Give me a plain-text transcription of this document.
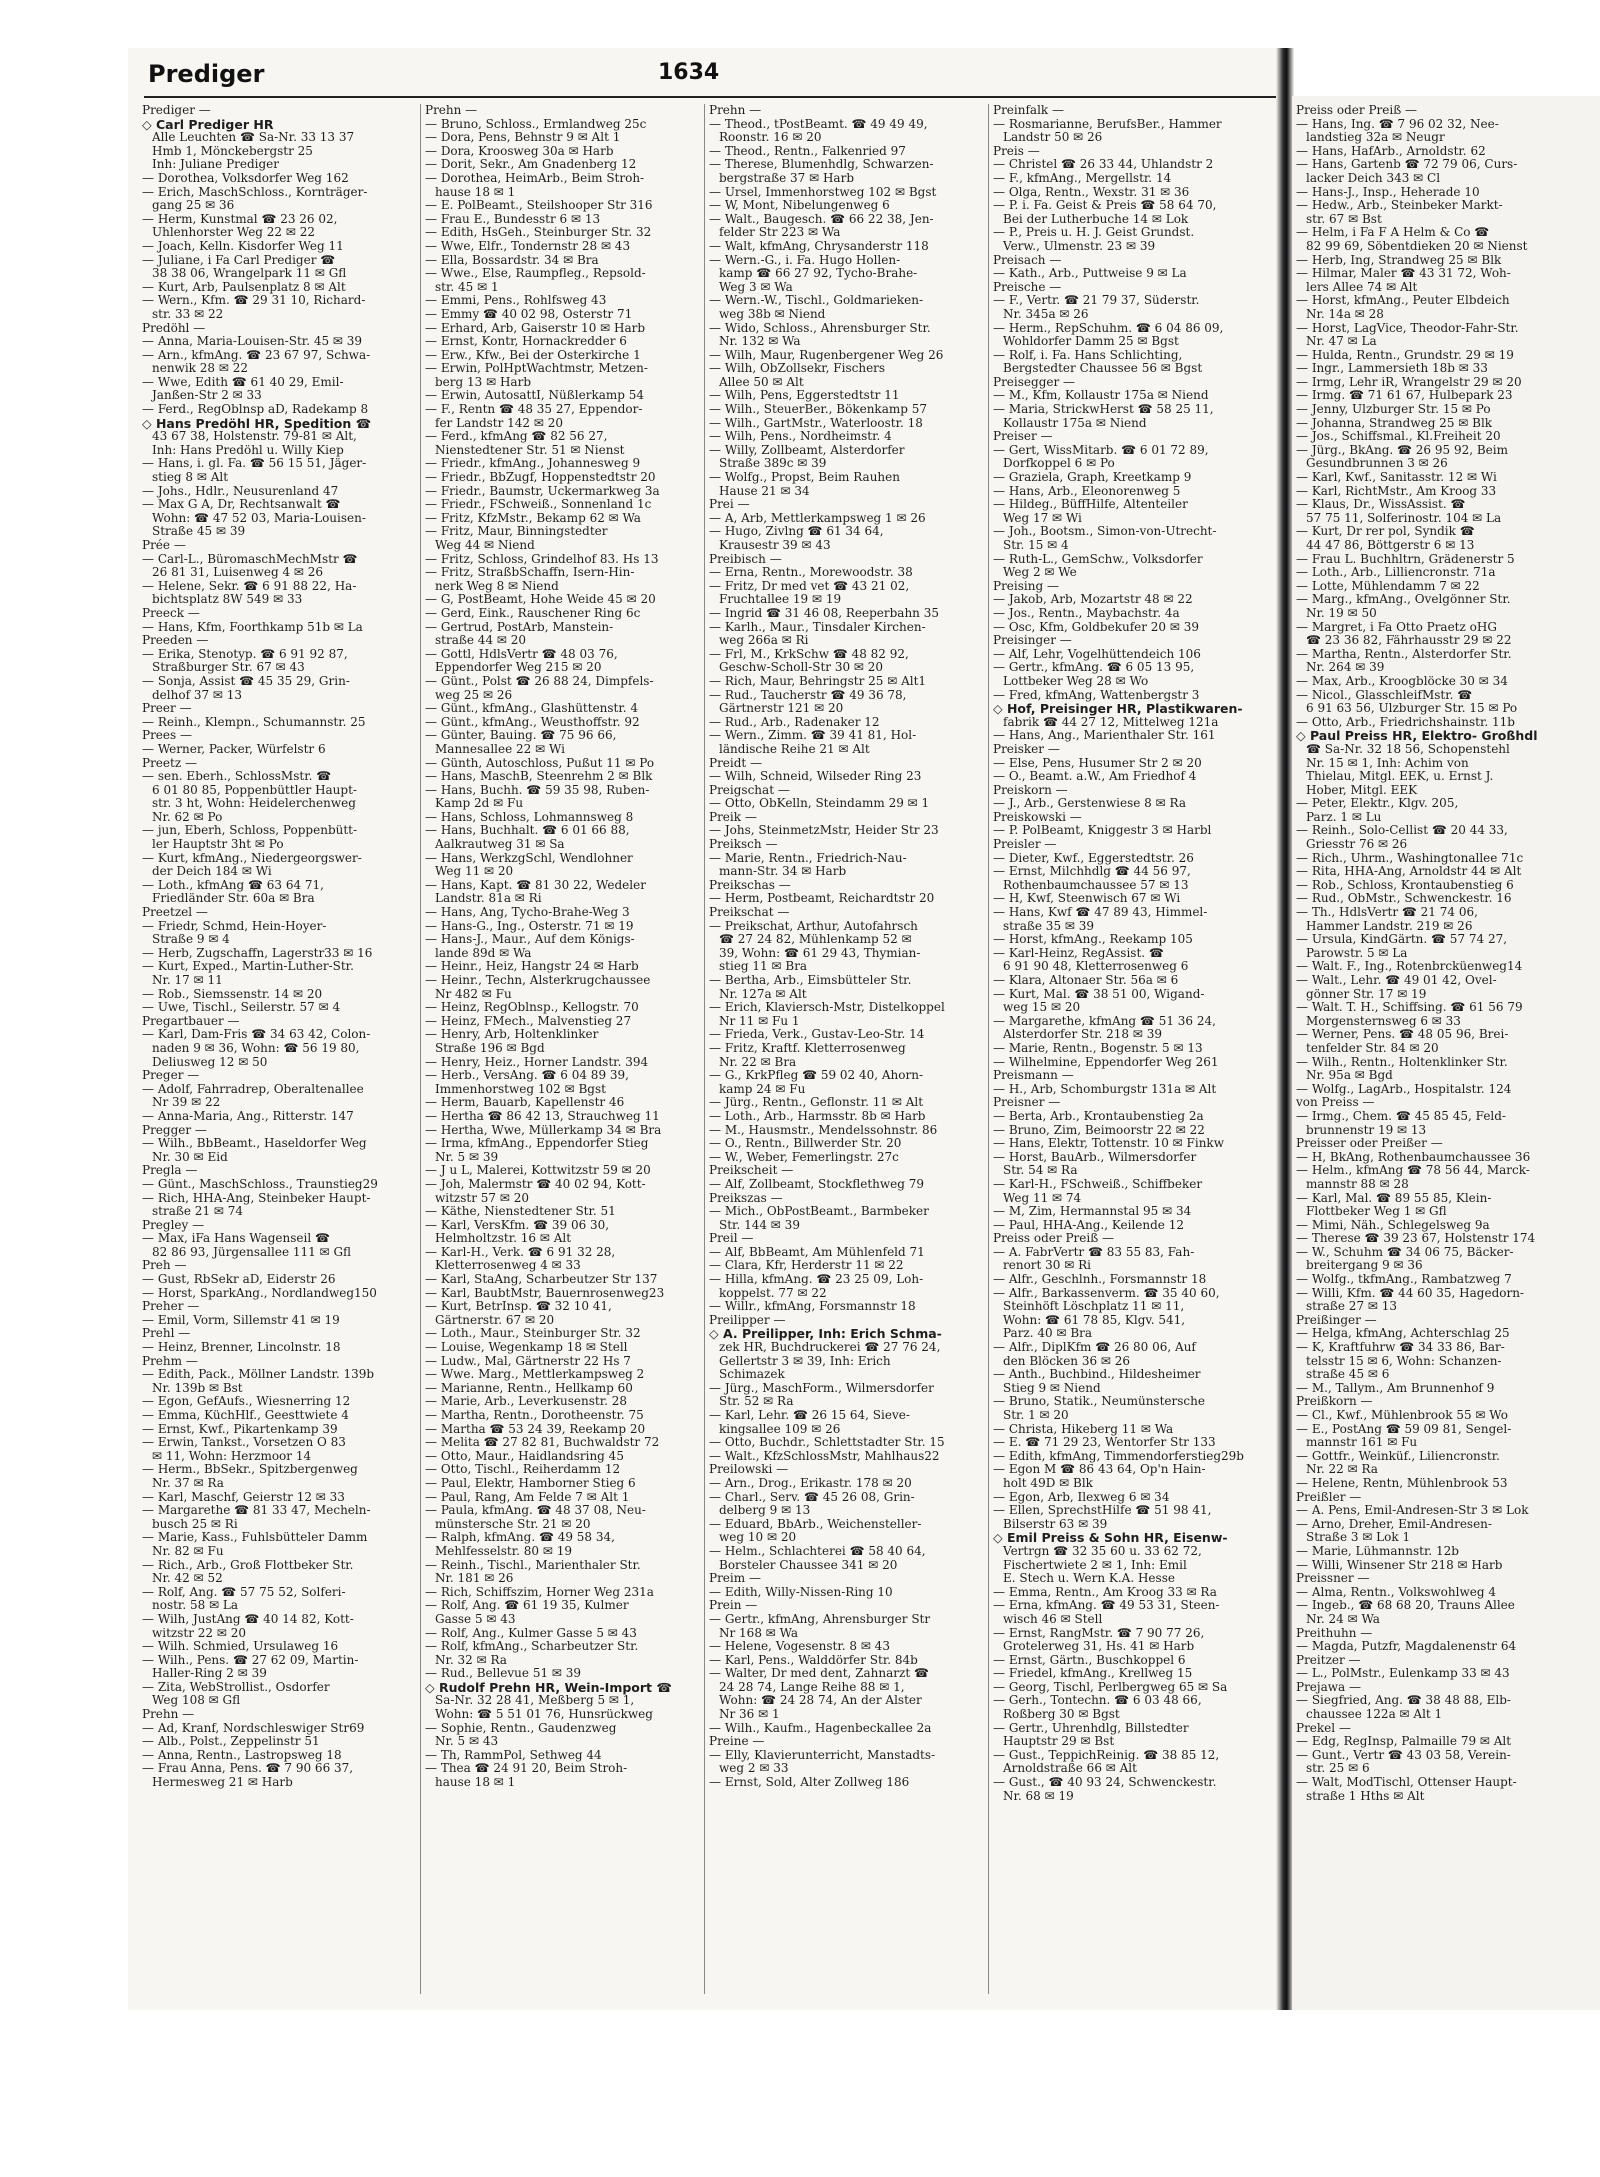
Prediger	1634
Prediger —
◇ Carl Prediger HR
Alle Leuchten ☎ Sa-Nr. 33 13 37
Hmb 1, Mönckebergstr 25
Inh: Juliane Prediger
— Dorothea, Volksdorfer Weg 162
— Erich, MaschSchloss., Kornträger-
gang 25 ✉ 36
— Herm, Kunstmal ☎ 23 26 02,
Uhlenhorster Weg 22 ✉ 22
— Joach, Kelln. Kisdorfer Weg 11
— Juliane, i Fa Carl Prediger ☎
38 38 06, Wrangelpark 11 ✉ Gfl
— Kurt, Arb, Paulsenplatz 8 ✉ Alt
— Wern., Kfm. ☎ 29 31 10, Richard-
str. 33 ✉ 22
Predöhl —
— Anna, Maria-Louisen-Str. 45 ✉ 39
— Arn., kfmAng. ☎ 23 67 97, Schwa-
nenwik 28 ✉ 22
— Wwe, Edith ☎ 61 40 29, Emil-
Janßen-Str 2 ✉ 33
— Ferd., RegOblnsp aD, Radekamp 8
◇ Hans Predöhl HR, Spedition ☎
43 67 38, Holstenstr. 79-81 ✉ Alt,
Inh: Hans Predöhl u. Willy Kiep
— Hans, i. gl. Fa. ☎ 56 15 51, Jäger-
stieg 8 ✉ Alt
— Johs., Hdlr., Neusurenland 47
— Max G A, Dr, Rechtsanwalt ☎
Wohn: ☎ 47 52 03, Maria-Louisen-
Straße 45 ✉ 39
Prée —
— Carl-L., BüromaschMechMstr ☎
26 81 31, Luisenweg 4 ✉ 26
— Helene, Sekr. ☎ 6 91 88 22, Ha-
bichtsplatz 8W 549 ✉ 33
Preeck —
— Hans, Kfm, Foorthkamp 51b ✉ La
Preeden —
— Erika, Stenotyp. ☎ 6 91 92 87,
Straßburger Str. 67 ✉ 43
— Sonja, Assist ☎ 45 35 29, Grin-
delhof 37 ✉ 13
Preer —
— Reinh., Klempn., Schumannstr. 25
Prees —
— Werner, Packer, Würfelstr 6
Preetz —
— sen. Eberh., SchlossMstr. ☎
6 01 80 85, Poppenbüttler Haupt-
str. 3 ht, Wohn: Heidelerchenweg
Nr. 62 ✉ Po
— jun, Eberh, Schloss, Poppenbütt-
ler Hauptstr 3ht ✉ Po
— Kurt, kfmAng., Niedergeorgswer-
der Deich 184 ✉ Wi
— Loth., kfmAng ☎ 63 64 71,
Friedländer Str. 60a ✉ Bra
Preetzel —
— Friedr, Schmd, Hein-Hoyer-
Straße 9 ✉ 4
— Herb, Zugschaffn, Lagerstr33 ✉ 16
— Kurt, Exped., Martin-Luther-Str.
Nr. 17 ✉ 11
— Rob., Siemssenstr. 14 ✉ 20
— Uwe, Tischl., Seilerstr. 57 ✉ 4
Pregartbauer —
— Karl, Dam-Fris ☎ 34 63 42, Colon-
naden 9 ✉ 36, Wohn: ☎ 56 19 80,
Deliusweg 12 ✉ 50
Preger —
— Adolf, Fahrradrep, Oberaltenallee
Nr 39 ✉ 22
— Anna-Maria, Ang., Ritterstr. 147
Pregger —
— Wilh., BbBeamt., Haseldorfer Weg
Nr. 30 ✉ Eid
Pregla —
— Günt., MaschSchloss., Traunstieg29
— Rich, HHA-Ang, Steinbeker Haupt-
straße 21 ✉ 74
Pregley —
— Max, iFa Hans Wagenseil ☎
82 86 93, Jürgensallee 111 ✉ Gfl
Preh —
— Gust, RbSekr aD, Eiderstr 26
— Horst, SparkAng., Nordlandweg150
Preher —
— Emil, Vorm, Sillemstr 41 ✉ 19
Prehl —
— Heinz, Brenner, Lincolnstr. 18
Prehm —
— Edith, Pack., Möllner Landstr. 139b
Nr. 139b ✉ Bst
— Egon, GefAufs., Wiesnerring 12
— Emma, KüchHlf., Geesttwiete 4
— Ernst, Kwf., Pikartenkamp 39
— Erwin, Tankst., Vorsetzen O 83
✉ 11, Wohn: Herzmoor 14
— Herm., BbSekr., Spitzbergenweg
Nr. 37 ✉ Ra
— Karl, Maschf, Geierstr 12 ✉ 33
— Margarethe ☎ 81 33 47, Mecheln-
busch 25 ✉ Ri
— Marie, Kass., Fuhlsbütteler Damm
Nr. 82 ✉ Fu
— Rich., Arb., Groß Flottbeker Str.
Nr. 42 ✉ 52
— Rolf, Ang. ☎ 57 75 52, Solferi-
nostr. 58 ✉ La
— Wilh, JustAng ☎ 40 14 82, Kott-
witzstr 22 ✉ 20
— Wilh. Schmied, Ursulaweg 16
— Wilh., Pens. ☎ 27 62 09, Martin-
Haller-Ring 2 ✉ 39
— Zita, WebStrollist., Osdorfer
Weg 108 ✉ Gfl
Prehn —
— Ad, Kranf, Nordschleswiger Str69
— Alb., Polst., Zeppelinstr 51
— Anna, Rentn., Lastropsweg 18
— Frau Anna, Pens. ☎ 7 90 66 37,
Hermesweg 21 ✉ Harb
Prehn —
— Bruno, Schloss., Ermlandweg 25c
— Dora, Pens, Behnstr 9 ✉ Alt 1
— Dora, Kroosweg 30a ✉ Harb
— Dorit, Sekr., Am Gnadenberg 12
— Dorothea, HeimArb., Beim Stroh-
hause 18 ✉ 1
— E. PolBeamt., Steilshooper Str 316
— Frau E., Bundesstr 6 ✉ 13
— Edith, HsGeh., Steinburger Str. 32
— Wwe, Elfr., Tondernstr 28 ✉ 43
— Ella, Bossardstr. 34 ✉ Bra
— Wwe., Else, Raumpfleg., Repsold-
str. 45 ✉ 1
— Emmi, Pens., Rohlfsweg 43
— Emmy ☎ 40 02 98, Osterstr 71
— Erhard, Arb, Gaiserstr 10 ✉ Harb
— Ernst, Kontr, Hornackredder 6
— Erw., Kfw., Bei der Osterkirche 1
— Erwin, PolHptWachtmstr, Metzen-
berg 13 ✉ Harb
— Erwin, AutosattI, Nüßlerkamp 54
— F., Rentn ☎ 48 35 27, Eppendor-
fer Landstr 142 ✉ 20
— Ferd., kfmAng ☎ 82 56 27,
Nienstedtener Str. 51 ✉ Nienst
— Friedr., kfmAng., Johannesweg 9
— Friedr., BbZugf, Hoppenstedtstr 20
— Friedr., Baumstr, Uckermarkweg 3a
— Friedr., FSchweiß., Sonnenland 1c
— Fritz, KfzMstr., Bekamp 62 ✉ Wa
— Fritz, Maur, Binningstedter
Weg 44 ✉ Niend
— Fritz, Schloss, Grindelhof 83. Hs 13
— Fritz, StraßbSchaffn, Isern-Hin-
nerk Weg 8 ✉ Niend
— G, PostBeamt, Hohe Weide 45 ✉ 20
— Gerd, Eink., Rauschener Ring 6c
— Gertrud, PostArb, Manstein-
straße 44 ✉ 20
— Gottl, HdlsVertr ☎ 48 03 76,
Eppendorfer Weg 215 ✉ 20
— Günt., Polst ☎ 26 88 24, Dimpfels-
weg 25 ✉ 26
— Günt., kfmAng., Glashüttenstr. 4
— Günt., kfmAng., Weusthoffstr. 92
— Günter, Bauing. ☎ 75 96 66,
Mannesallee 22 ✉ Wi
— Günth, Autoschloss, Pußut 11 ✉ Po
— Hans, MaschB, Steenrehm 2 ✉ Blk
— Hans, Buchh. ☎ 59 35 98, Ruben-
Kamp 2d ✉ Fu
— Hans, Schloss, Lohmannsweg 8
— Hans, Buchhalt. ☎ 6 01 66 88,
Aalkrautweg 31 ✉ Sa
— Hans, WerkzgSchl, Wendlohner
Weg 11 ✉ 20
— Hans, Kapt. ☎ 81 30 22, Wedeler
Landstr. 81a ✉ Ri
— Hans, Ang, Tycho-Brahe-Weg 3
— Hans-G., Ing., Osterstr. 71 ✉ 19
— Hans-J., Maur., Auf dem Königs-
lande 89d ✉ Wa
— Heinr., Heiz, Hangstr 24 ✉ Harb
— Heinr., Techn, Alsterkrugchaussee
Nr 482 ✉ Fu
— Heinz, RegOblnsp., Kellogstr. 70
— Heinz, FMech., Malvenstieg 27
— Henry, Arb, Holtenklinker
Straße 196 ✉ Bgd
— Henry, Heiz., Horner Landstr. 394
— Herb., VersAng. ☎ 6 04 89 39,
Immenhorstweg 102 ✉ Bgst
— Herm, Bauarb, Kapellenstr 46
— Hertha ☎ 86 42 13, Strauchweg 11
— Hertha, Wwe, Müllerkamp 34 ✉ Bra
— Irma, kfmAng., Eppendorfer Stieg
Nr. 5 ✉ 39
— J u L, Malerei, Kottwitzstr 59 ✉ 20
— Joh, Malermstr ☎ 40 02 94, Kott-
witzstr 57 ✉ 20
— Käthe, Nienstedtener Str. 51
— Karl, VersKfm. ☎ 39 06 30,
Helmholtzstr. 16 ✉ Alt
— Karl-H., Verk. ☎ 6 91 32 28,
Kletterrosenweg 4 ✉ 33
— Karl, StaAng, Scharbeutzer Str 137
— Karl, BaubtMstr, Bauernrosenweg23
— Kurt, BetrInsp. ☎ 32 10 41,
Gärtnerstr. 67 ✉ 20
— Loth., Maur., Steinburger Str. 32
— Louise, Wegenkamp 18 ✉ Stell
— Ludw., Mal, Gärtnerstr 22 Hs 7
— Wwe. Marg., Mettlerkampsweg 2
— Marianne, Rentn., Hellkamp 60
— Marie, Arb., Leverkusenstr. 28
— Martha, Rentn., Dorotheenstr. 75
— Martha ☎ 53 24 39, Reekamp 20
— Melita ☎ 27 82 81, Buchwaldstr 72
— Otto, Maur., Haidlandsring 45
— Otto, Tischl., Reiherdamm 12
— Paul, Elektr, Hamborner Stieg 6
— Paul, Rang, Am Felde 7 ✉ Alt 1
— Paula, kfmAng. ☎ 48 37 08, Neu-
münstersche Str. 21 ✉ 20
— Ralph, kfmAng. ☎ 49 58 34,
Mehlfesselstr. 80 ✉ 19
— Reinh., Tischl., Marienthaler Str.
Nr. 181 ✉ 26
— Rich, Schiffszim, Horner Weg 231a
— Rolf, Ang. ☎ 61 19 35, Kulmer
Gasse 5 ✉ 43
— Rolf, Ang., Kulmer Gasse 5 ✉ 43
— Rolf, kfmAng., Scharbeutzer Str.
Nr. 32 ✉ Ra
— Rud., Bellevue 51 ✉ 39
◇ Rudolf Prehn HR, Wein-Import ☎
Sa-Nr. 32 28 41, Meßberg 5 ✉ 1,
Wohn: ☎ 5 51 01 76, Hunsrückweg
— Sophie, Rentn., Gaudenzweg
Nr. 5 ✉ 43
— Th, RammPol, Sethweg 44
— Thea ☎ 24 91 20, Beim Stroh-
hause 18 ✉ 1
Prehn —
— Theod., tPostBeamt. ☎ 49 49 49,
Roonstr. 16 ✉ 20
— Theod., Rentn., Falkenried 97
— Therese, Blumenhdlg, Schwarzen-
bergstraße 37 ✉ Harb
— Ursel, Immenhorstweg 102 ✉ Bgst
— W, Mont, Nibelungenweg 6
— Walt., Baugesch. ☎ 66 22 38, Jen-
felder Str 223 ✉ Wa
— Walt, kfmAng, Chrysanderstr 118
— Wern.-G., i. Fa. Hugo Hollen-
kamp ☎ 66 27 92, Tycho-Brahe-
Weg 3 ✉ Wa
— Wern.-W., Tischl., Goldmarieken-
weg 38b ✉ Niend
— Wido, Schloss., Ahrensburger Str.
Nr. 132 ✉ Wa
— Wilh, Maur, Rugenbergener Weg 26
— Wilh, ObZollsekr, Fischers
Allee 50 ✉ Alt
— Wilh, Pens, Eggerstedtstr 11
— Wilh., SteuerBer., Bökenkamp 57
— Wilh., GartMstr., Waterloostr. 18
— Wilh, Pens., Nordheimstr. 4
— Willy, Zollbeamt, Alsterdorfer
Straße 389c ✉ 39
— Wolfg., Propst, Beim Rauhen
Hause 21 ✉ 34
Prei —
— A, Arb, Mettlerkampsweg 1 ✉ 26
— Hugo, Zivlng ☎ 61 34 64,
Krausestr 39 ✉ 43
Preibisch —
— Erna, Rentn., Morewoodstr. 38
— Fritz, Dr med vet ☎ 43 21 02,
Fruchtallee 19 ✉ 19
— Ingrid ☎ 31 46 08, Reeperbahn 35
— Karlh., Maur., Tinsdaler Kirchen-
weg 266a ✉ Ri
— Frl, M., KrkSchw ☎ 48 82 92,
Geschw-Scholl-Str 30 ✉ 20
— Rich, Maur, Behringstr 25 ✉ Alt1
— Rud., Taucherstr ☎ 49 36 78,
Gärtnerstr 121 ✉ 20
— Rud., Arb., Radenaker 12
— Wern., Zimm. ☎ 39 41 81, Hol-
ländische Reihe 21 ✉ Alt
Preidt —
— Wilh, Schneid, Wilseder Ring 23
Preigschat —
— Otto, ObKelln, Steindamm 29 ✉ 1
Preik —
— Johs, SteinmetzMstr, Heider Str 23
Preiksch —
— Marie, Rentn., Friedrich-Nau-
mann-Str. 34 ✉ Harb
Preikschas —
— Herm, Postbeamt, Reichardtstr 20
Preikschat —
— Preikschat, Arthur, Autofahrsch
☎ 27 24 82, Mühlenkamp 52 ✉
39, Wohn: ☎ 61 29 43, Thymian-
stieg 11 ✉ Bra
— Bertha, Arb., Eimsbütteler Str.
Nr. 127a ✉ Alt
— Erich, Klaviersch-Mstr, Distelkoppel
Nr 11 ✉ Fu 1
— Frieda, Verk., Gustav-Leo-Str. 14
— Fritz, Kraftf. Kletterrosenweg
Nr. 22 ✉ Bra
— G., KrkPfleg ☎ 59 02 40, Ahorn-
kamp 24 ✉ Fu
— Jürg., Rentn., Geflonstr. 11 ✉ Alt
— Loth., Arb., Harmsstr. 8b ✉ Harb
— M., Hausmstr., Mendelssohnstr. 86
— O., Rentn., Billwerder Str. 20
— W., Weber, Femerlingstr. 27c
Preikscheit —
— Alf, Zollbeamt, Stockflethweg 79
Preikszas —
— Mich., ObPostBeamt., Barmbeker
Str. 144 ✉ 39
Preil —
— Alf, BbBeamt, Am Mühlenfeld 71
— Clara, Kfr, Herderstr 11 ✉ 22
— Hilla, kfmAng. ☎ 23 25 09, Loh-
koppelst. 77 ✉ 22
— Willr., kfmAng, Forsmannstr 18
Preilipper —
◇ A. Preilipper, Inh: Erich Schma-
zek HR, Buchdruckerei ☎ 27 76 24,
Gellertstr 3 ✉ 39, Inh: Erich
Schimazek
— Jürg., MaschForm., Wilmersdorfer
Str. 52 ✉ Ra
— Karl, Lehr. ☎ 26 15 64, Sieve-
kingsallee 109 ✉ 26
— Otto, Buchdr., Schlettstadter Str. 15
— Walt., KfzSchlossMstr, Mahlhaus22
Preilowski —
— Arn., Drog., Erikastr. 178 ✉ 20
— Charl., Serv. ☎ 45 26 08, Grin-
delberg 9 ✉ 13
— Eduard, BbArb., Weichensteller-
weg 10 ✉ 20
— Helm., Schlachterei ☎ 58 40 64,
Borsteler Chaussee 341 ✉ 20
Preim —
— Edith, Willy-Nissen-Ring 10
Prein —
— Gertr., kfmAng, Ahrensburger Str
Nr 168 ✉ Wa
— Helene, Vogesenstr. 8 ✉ 43
— Karl, Pens., Walddörfer Str. 84b
— Walter, Dr med dent, Zahnarzt ☎
24 28 74, Lange Reihe 88 ✉ 1,
Wohn: ☎ 24 28 74, An der Alster
Nr 36 ✉ 1
— Wilh., Kaufm., Hagenbeckallee 2a
Preine —
— Elly, Klavierunterricht, Manstadts-
weg 2 ✉ 33
— Ernst, Sold, Alter Zollweg 186
Preinfalk —
— Rosmarianne, BerufsBer., Hammer
Landstr 50 ✉ 26
Preis —
— Christel ☎ 26 33 44, Uhlandstr 2
— F., kfmAng., Mergellstr. 14
— Olga, Rentn., Wexstr. 31 ✉ 36
— P. i. Fa. Geist & Preis ☎ 58 64 70,
Bei der Lutherbuche 14 ✉ Lok
— P., Preis u. H. J. Geist Grundst.
Verw., Ulmenstr. 23 ✉ 39
Preisach —
— Kath., Arb., Puttweise 9 ✉ La
Preische —
— F., Vertr. ☎ 21 79 37, Süderstr.
Nr. 345a ✉ 26
— Herm., RepSchuhm. ☎ 6 04 86 09,
Wohldorfer Damm 25 ✉ Bgst
— Rolf, i. Fa. Hans Schlichting,
Bergstedter Chaussee 56 ✉ Bgst
Preisegger —
— M., Kfm, Kollaustr 175a ✉ Niend
— Maria, StrickwHerst ☎ 58 25 11,
Kollaustr 175a ✉ Niend
Preiser —
— Gert, WissMitarb. ☎ 6 01 72 89,
Dorfkoppel 6 ✉ Po
— Graziela, Graph, Kreetkamp 9
— Hans, Arb., Eleonorenweg 5
— Hildeg., BüffHilfe, Altenteiler
Weg 17 ✉ Wi
— Joh., Bootsm., Simon-von-Utrecht-
Str. 15 ✉ 4
— Ruth-L., GemSchw., Volksdorfer
Weg 2 ✉ We
Preising —
— Jakob, Arb, Mozartstr 48 ✉ 22
— Jos., Rentn., Maybachstr. 4a
— Osc, Kfm, Goldbekufer 20 ✉ 39
Preisinger —
— Alf, Lehr, Vogelhüttendeich 106
— Gertr., kfmAng. ☎ 6 05 13 95,
Lottbeker Weg 28 ✉ Wo
— Fred, kfmAng, Wattenbergstr 3
◇ Hof, Preisinger HR, Plastikwaren-
fabrik ☎ 44 27 12, Mittelweg 121a
— Hans, Ang., Marienthaler Str. 161
Preisker —
— Else, Pens, Husumer Str 2 ✉ 20
— O., Beamt. a.W., Am Friedhof 4
Preiskorn —
— J., Arb., Gerstenwiese 8 ✉ Ra
Preiskowski —
— P. PolBeamt, Kniggestr 3 ✉ Harbl
Preisler —
— Dieter, Kwf., Eggerstedtstr. 26
— Ernst, Milchhdlg ☎ 44 56 97,
Rothenbaumchaussee 57 ✉ 13
— H, Kwf, Steenwisch 67 ✉ Wi
— Hans, Kwf ☎ 47 89 43, Himmel-
straße 35 ✉ 39
— Horst, kfmAng., Reekamp 105
— Karl-Heinz, RegAssist. ☎
6 91 90 48, Kletterrosenweg 6
— Klara, Altonaer Str. 56a ✉ 6
— Kurt, Mal. ☎ 38 51 00, Wigand-
weg 15 ✉ 20
— Margarethe, kfmAng ☎ 51 36 24,
Alsterdorfer Str. 218 ✉ 39
— Marie, Rentn., Bogenstr. 5 ✉ 13
— Wilhelmine, Eppendorfer Weg 261
Preismann —
— H., Arb, Schomburgstr 131a ✉ Alt
Preisner —
— Berta, Arb., Krontaubenstieg 2a
— Bruno, Zim, Beimoorstr 22 ✉ 22
— Hans, Elektr, Tottenstr. 10 ✉ Finkw
— Horst, BauArb., Wilmersdorfer
Str. 54 ✉ Ra
— Karl-H., FSchweiß., Schiffbeker
Weg 11 ✉ 74
— M, Zim, Hermannstal 95 ✉ 34
— Paul, HHA-Ang., Keilende 12
Preiss oder Preiß —
— A. FabrVertr ☎ 83 55 83, Fah-
renort 30 ✉ Ri
— Alfr., Geschlnh., Forsmannstr 18
— Alfr., Barkassenverm. ☎ 35 40 60,
Steinhöft Löschplatz 11 ✉ 11,
Wohn: ☎ 61 78 85, Klgv. 541,
Parz. 40 ✉ Bra
— Alfr., DiplKfm ☎ 26 80 06, Auf
den Blöcken 36 ✉ 26
— Anth., Buchbind., Hildesheimer
Stieg 9 ✉ Niend
— Bruno, Statik., Neumünstersche
Str. 1 ✉ 20
— Christa, Hikeberg 11 ✉ Wa
— E. ☎ 71 29 23, Wentorfer Str 133
— Edith, kfmAng, Timmendorferstieg29b
— Egon M ☎ 86 43 64, Op'n Hain-
holt 49D ✉ Blk
— Egon, Arb, Ilexweg 6 ✉ 34
— Ellen, SprechstHilfe ☎ 51 98 41,
Bilserstr 63 ✉ 39
◇ Emil Preiss & Sohn HR, Eisenw-
Vertrgn ☎ 32 35 60 u. 33 62 72,
Fischertwiete 2 ✉ 1, Inh: Emil
E. Stech u. Wern K.A. Hesse
— Emma, Rentn., Am Kroog 33 ✉ Ra
— Erna, kfmAng. ☎ 49 53 31, Steen-
wisch 46 ✉ Stell
— Ernst, RangMstr. ☎ 7 90 77 26,
Grotelerweg 31, Hs. 41 ✉ Harb
— Ernst, Gärtn., Buschkoppel 6
— Friedel, kfmAng., Krellweg 15
— Georg, Tischl, Perlbergweg 65 ✉ Sa
— Gerh., Tontechn. ☎ 6 03 48 66,
Roßberg 30 ✉ Bgst
— Gertr., Uhrenhdlg, Billstedter
Hauptstr 29 ✉ Bst
— Gust., TeppichReinig. ☎ 38 85 12,
Arnoldstraße 66 ✉ Alt
— Gust., ☎ 40 93 24, Schwenckestr.
Nr. 68 ✉ 19
Preiss oder Preiß —
— Hans, Ing. ☎ 7 96 02 32, Nee-
landstieg 32a ✉ Neugr
— Hans, HafArb., Arnoldstr. 62
— Hans, Gartenb ☎ 72 79 06, Curs-
lacker Deich 343 ✉ Cl
— Hans-J., Insp., Heherade 10
— Hedw., Arb., Steinbeker Markt-
str. 67 ✉ Bst
— Helm, i Fa F A Helm & Co ☎
82 99 69, Söbentdieken 20 ✉ Nienst
— Herb, Ing, Strandweg 25 ✉ Blk
— Hilmar, Maler ☎ 43 31 72, Woh-
lers Allee 74 ✉ Alt
— Horst, kfmAng., Peuter Elbdeich
Nr. 14a ✉ 28
— Horst, LagVice, Theodor-Fahr-Str.
Nr. 47 ✉ La
— Hulda, Rentn., Grundstr. 29 ✉ 19
— Ingr., Lammersieth 18b ✉ 33
— Irmg, Lehr iR, Wrangelstr 29 ✉ 20
— Irmg. ☎ 71 61 67, Hulbepark 23
— Jenny, Ulzburger Str. 15 ✉ Po
— Johanna, Strandweg 25 ✉ Blk
— Jos., Schiffsmal., Kl.Freiheit 20
— Jürg., BkAng. ☎ 26 95 92, Beim
Gesundbrunnen 3 ✉ 26
— Karl, Kwf., Sanitasstr. 12 ✉ Wi
— Karl, RichtMstr., Am Kroog 33
— Klaus, Dr., WissAssist. ☎
57 75 11, Solferinostr. 104 ✉ La
— Kurt, Dr rer pol, Syndik ☎
44 47 86, Böttgerstr 6 ✉ 13
— Frau L. Buchhltrn, Grädenerstr 5
— Loth., Arb., Lilliencronstr. 71a
— Lotte, Mühlendamm 7 ✉ 22
— Marg., kfmAng., Ovelgönner Str.
Nr. 19 ✉ 50
— Margret, i Fa Otto Praetz oHG
☎ 23 36 82, Fährhausstr 29 ✉ 22
— Martha, Rentn., Alsterdorfer Str.
Nr. 264 ✉ 39
— Max, Arb., Kroogblöcke 30 ✉ 34
— Nicol., GlasschleifMstr. ☎
6 91 63 56, Ulzburger Str. 15 ✉ Po
— Otto, Arb., Friedrichshainstr. 11b
◇ Paul Preiss HR, Elektro- Großhdl
☎ Sa-Nr. 32 18 56, Schopenstehl
Nr. 15 ✉ 1, Inh: Achim von
Thielau, Mitgl. EEK, u. Ernst J.
Hober, Mitgl. EEK
— Peter, Elektr., Klgv. 205,
Parz. 1 ✉ Lu
— Reinh., Solo-Cellist ☎ 20 44 33,
Griesstr 76 ✉ 26
— Rich., Uhrm., Washingtonallee 71c
— Rita, HHA-Ang, Arnoldstr 44 ✉ Alt
— Rob., Schloss, Krontaubenstieg 6
— Rud., ObMstr., Schwenckestr. 16
— Th., HdlsVertr ☎ 21 74 06,
Hammer Landstr. 219 ✉ 26
— Ursula, KindGärtn. ☎ 57 74 27,
Parowstr. 5 ✉ La
— Walt. F., Ing., Rotenbrcküenweg14
— Walt., Lehr. ☎ 49 01 42, Ovel-
gönner Str. 17 ✉ 19
— Walt. T. H., Schiffsing. ☎ 61 56 79
Morgensternsweg 6 ✉ 33
— Werner, Pens. ☎ 48 05 96, Brei-
tenfelder Str. 84 ✉ 20
— Wilh., Rentn., Holtenklinker Str.
Nr. 95a ✉ Bgd
— Wolfg., LagArb., Hospitalstr. 124
von Preiss —
— Irmg., Chem. ☎ 45 85 45, Feld-
brunnenstr 19 ✉ 13
Preisser oder Preißer —
— H, BkAng, Rothenbaumchaussee 36
— Helm., kfmAng ☎ 78 56 44, Marck-
mannstr 88 ✉ 28
— Karl, Mal. ☎ 89 55 85, Klein-
Flottbeker Weg 1 ✉ Gfl
— Mimi, Näh., Schlegelsweg 9a
— Therese ☎ 39 23 67, Holstenstr 174
— W., Schuhm ☎ 34 06 75, Bäcker-
breitergang 9 ✉ 36
— Wolfg., tkfmAng., Rambatzweg 7
— Willi, Kfm. ☎ 44 60 35, Hagedorn-
straße 27 ✉ 13
Preißinger —
— Helga, kfmAng, Achterschlag 25
— K, Kraftfuhrw ☎ 34 33 86, Bar-
telsstr 15 ✉ 6, Wohn: Schanzen-
straße 45 ✉ 6
— M., Tallym., Am Brunnenhof 9
Preißkorn —
— Cl., Kwf., Mühlenbrook 55 ✉ Wo
— E., PostAng ☎ 59 09 81, Sengel-
mannstr 161 ✉ Fu
— Gottfr., Weinküf., Liliencronstr.
Nr. 22 ✉ Ra
— Helene, Rentn, Mühlenbrook 53
Preißler —
— A. Pens, Emil-Andresen-Str 3 ✉ Lok
— Arno, Dreher, Emil-Andresen-
Straße 3 ✉ Lok 1
— Marie, Lühmannstr. 12b
— Willi, Winsener Str 218 ✉ Harb
Preissner —
— Alma, Rentn., Volkswohlweg 4
— Ingeb., ☎ 68 68 20, Trauns Allee
Nr. 24 ✉ Wa
Preithuhn —
— Magda, Putzfr, Magdalenenstr 64
Preitzer —
— L., PolMstr., Eulenkamp 33 ✉ 43
Prejawa —
— Siegfried, Ang. ☎ 38 48 88, Elb-
chaussee 122a ✉ Alt 1
Prekel —
— Edg, RegInsp, Palmaille 79 ✉ Alt
— Gunt., Vertr ☎ 43 03 58, Verein-
str. 25 ✉ 6
— Walt, ModTischl, Ottenser Haupt-
straße 1 Hths ✉ Alt
